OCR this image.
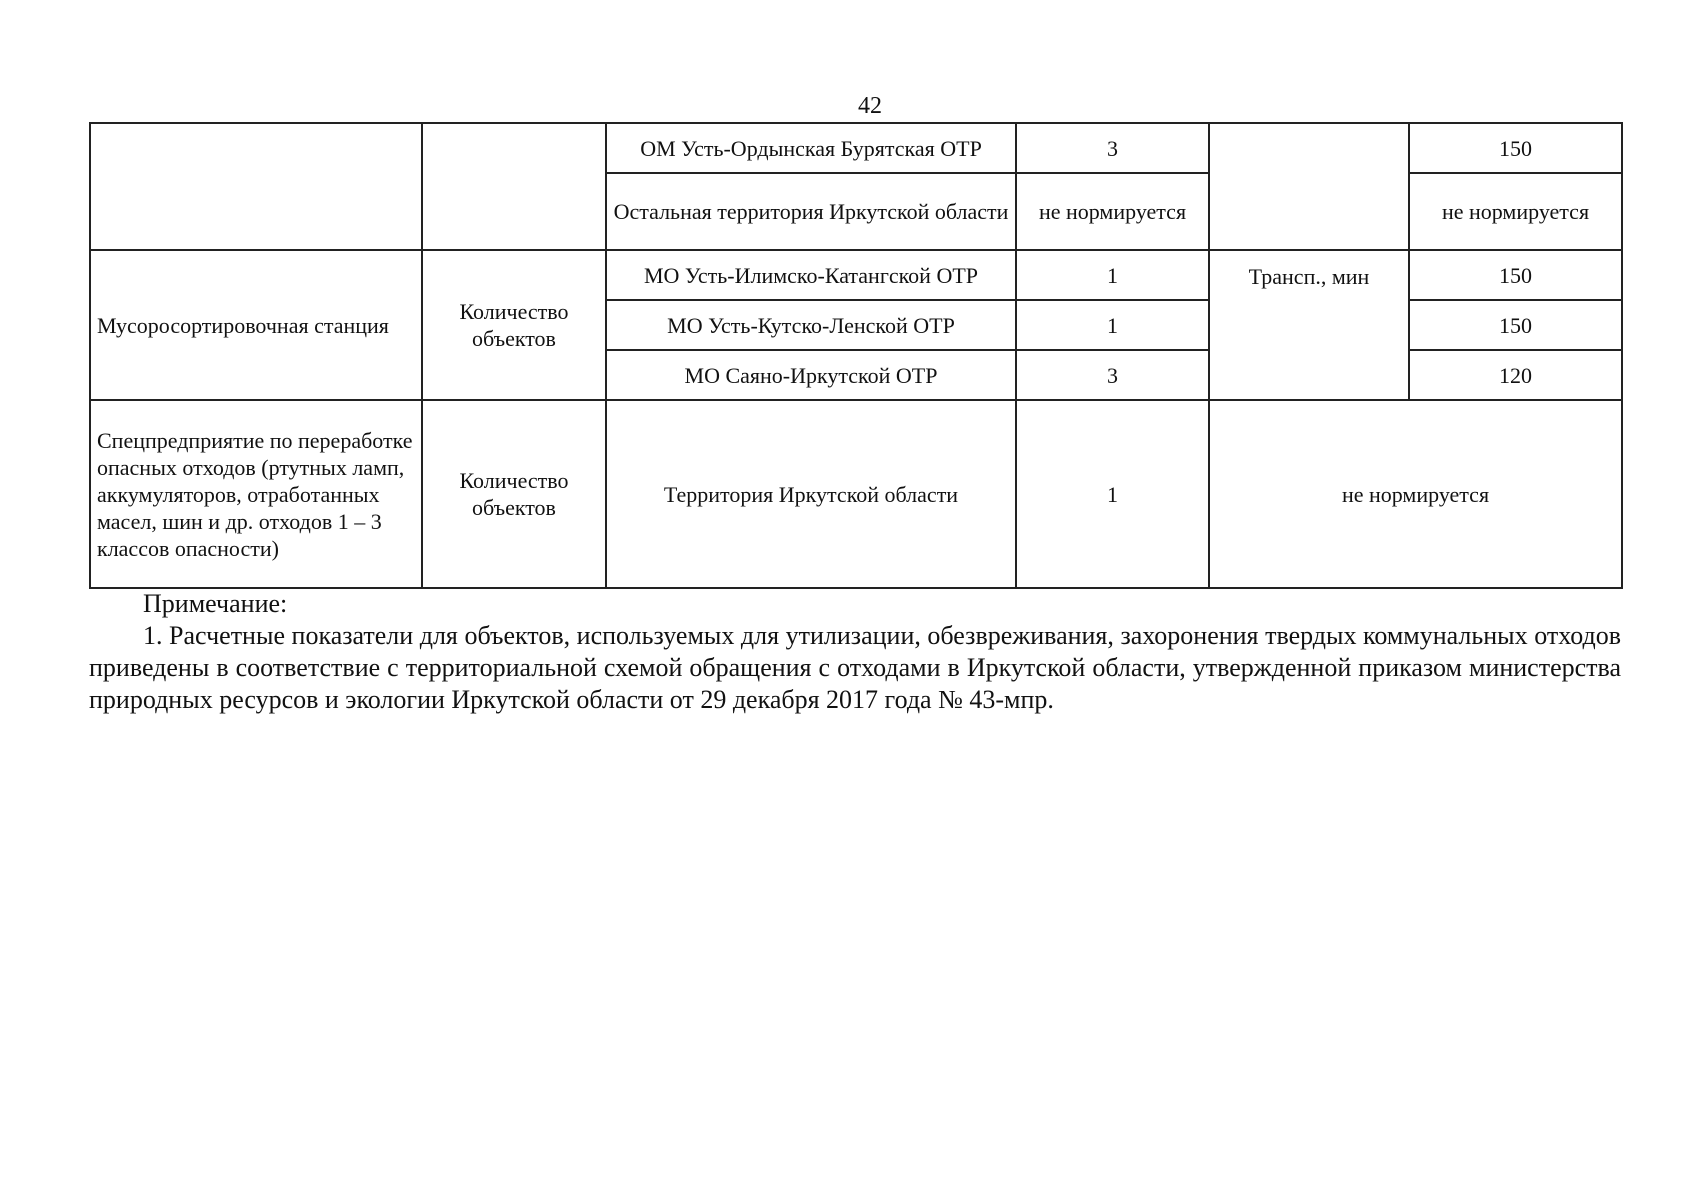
42
		ОМ Усть-Ордынская Бурятская ОТР	3		150
		Остальная территория Иркутской области	не нормируется		не нормируется
Мусоросортировочная станция	Количество объектов	МО Усть-Илимско-Катангской ОТР	1	Трансп., мин	150
		МО Усть-Кутско-Ленской ОТР	1		150
		МО Саяно-Иркутской ОТР	3		120
Спецпредприятие по переработке опасных отходов (ртутных ламп, аккумуляторов, отработанных масел, шин и др. отходов 1 – 3 классов опасности)	Количество объектов	Территория Иркутской области	1	не нормируется	
Примечание:

1. Расчетные показатели для объектов, используемых для утилизации, обезвреживания, захоронения твердых коммунальных отходов приведены в соответствие с территориальной схемой обращения с отходами в Иркутской области, утвержденной приказом министерства природных ресурсов и экологии Иркутской области от 29 декабря 2017 года № 43-мпр.
